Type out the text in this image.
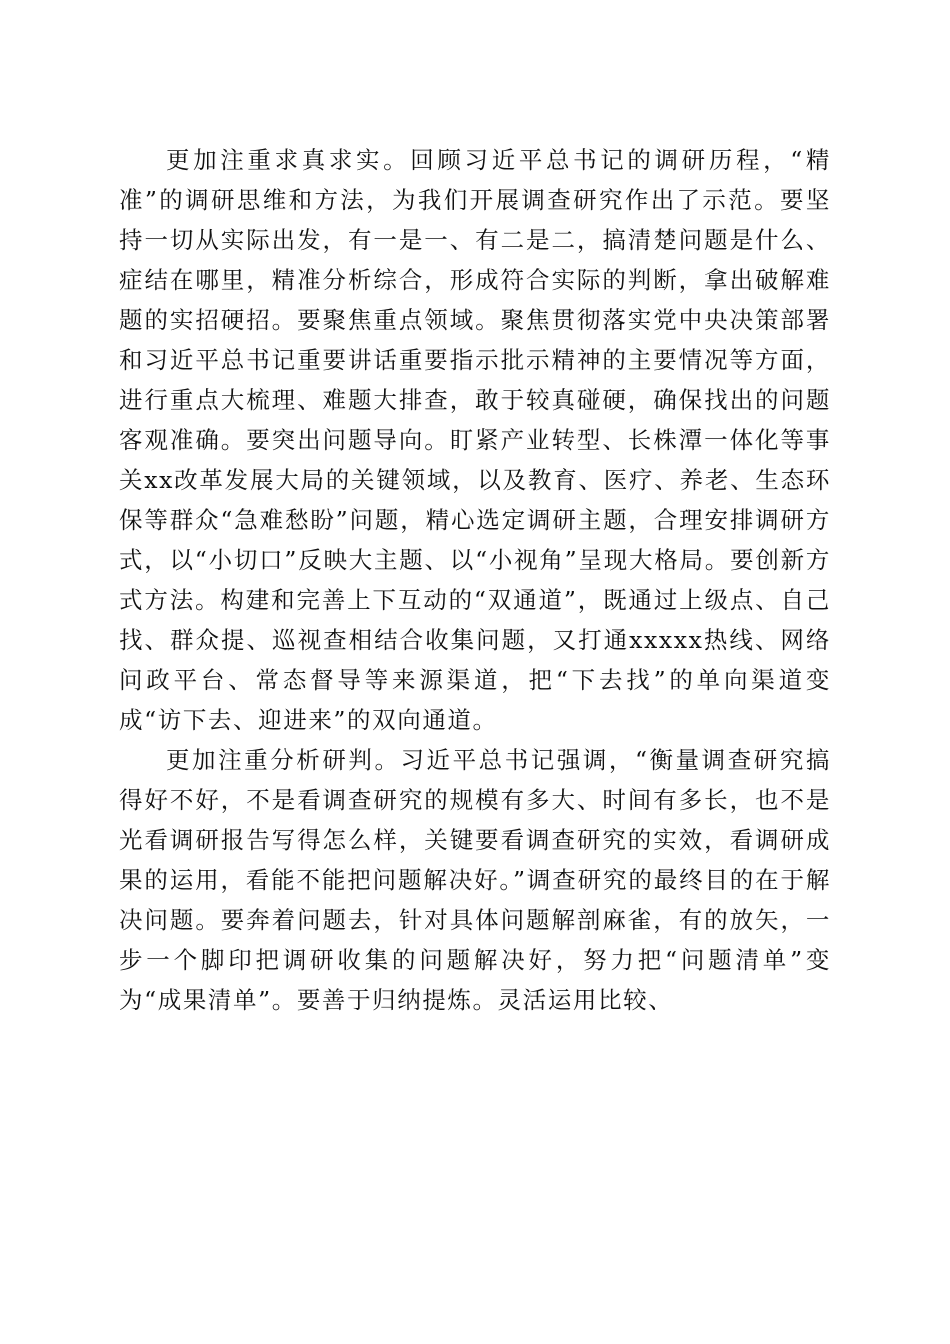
更加注重求真求实。回顾习近平总书记的调研历程，“精准”的调研思维和方法，为我们开展调查研究作出了示范。要坚持一切从实际出发，有一是一、有二是二，搞清楚问题是什么、症结在哪里，精准分析综合，形成符合实际的判断，拿出破解难题的实招硬招。要聚焦重点领域。聚焦贯彻落实党中央决策部署和习近平总书记重要讲话重要指示批示精神的主要情况等方面，进行重点大梳理、难题大排查，敢于较真碰硬，确保找出的问题客观准确。要突出问题导向。盯紧产业转型、长株潭一体化等事关xx改革发展大局的关键领域，以及教育、医疗、养老、生态环保等群众“急难愁盼”问题，精心选定调研主题，合理安排调研方式，以“小切口”反映大主题、以“小视角”呈现大格局。要创新方式方法。构建和完善上下互动的“双通道”，既通过上级点、自己找、群众提、巡视查相结合收集问题，又打通xxxxx热线、网络问政平台、常态督导等来源渠道，把“下去找”的单向渠道变成“访下去、迎进来”的双向通道。

更加注重分析研判。习近平总书记强调，“衡量调查研究搞得好不好，不是看调查研究的规模有多大、时间有多长，也不是光看调研报告写得怎么样，关键要看调查研究的实效，看调研成果的运用，看能不能把问题解决好。”调查研究的最终目的在于解决问题。要奔着问题去，针对具体问题解剖麻雀，有的放矢，一步一个脚印把调研收集的问题解决好，努力把“问题清单”变为“成果清单”。要善于归纳提炼。灵活运用比较、
